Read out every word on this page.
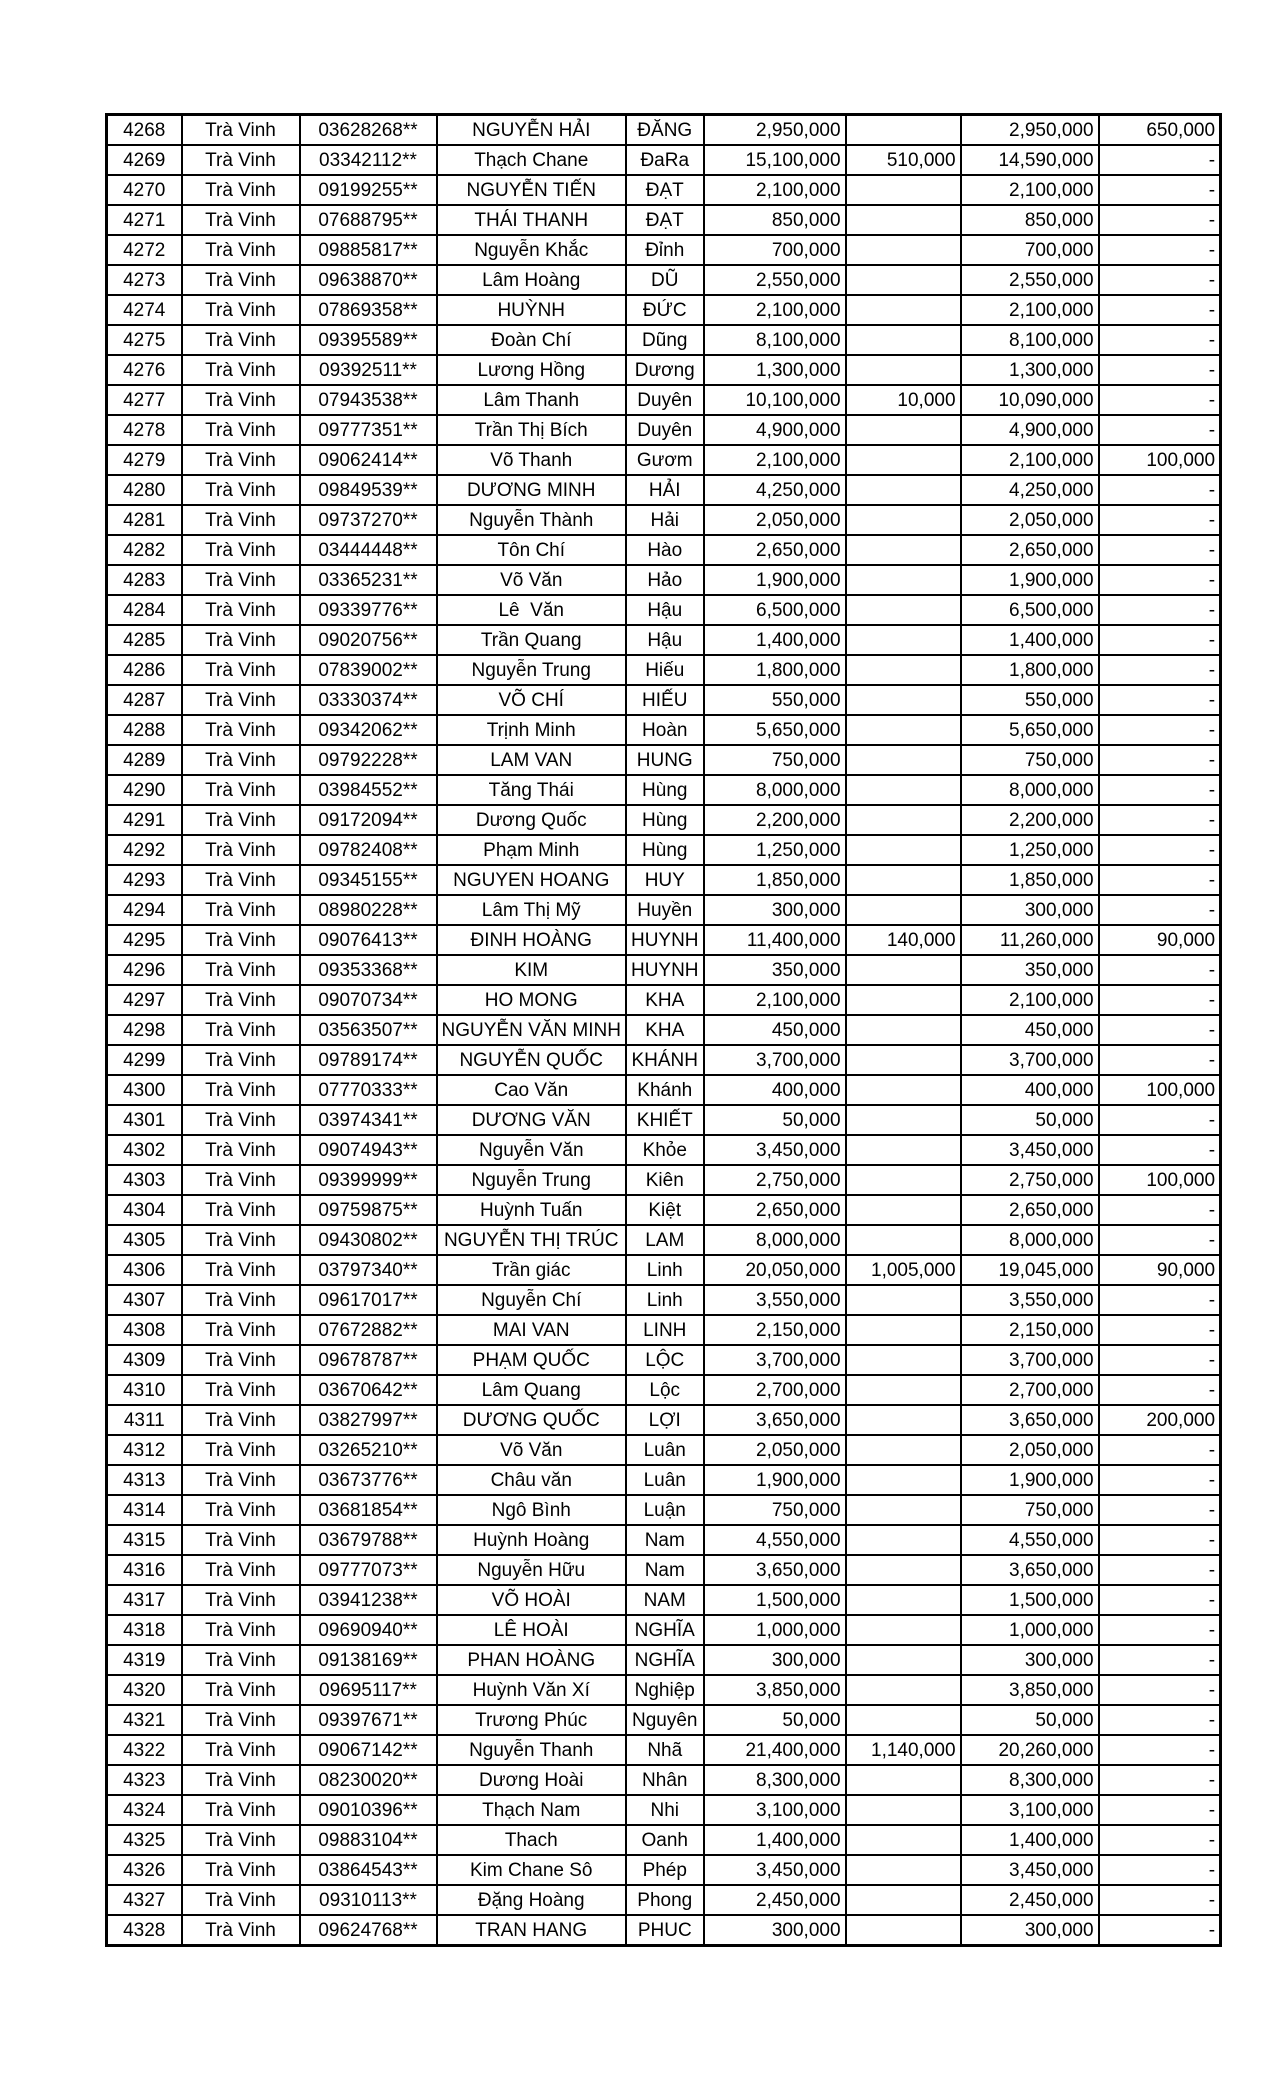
4268	Trà Vinh	03628268**	NGUYỄN HẢI	ĐĂNG	2,950,000		2,950,000	650,000
4269	Trà Vinh	03342112**	Thạch Chane	ĐaRa	15,100,000	510,000	14,590,000	-
4270	Trà Vinh	09199255**	NGUYỄN TIẾN	ĐẠT	2,100,000		2,100,000	-
4271	Trà Vinh	07688795**	THÁI THANH	ĐẠT	850,000		850,000	-
4272	Trà Vinh	09885817**	Nguyễn Khắc	Đỉnh	700,000		700,000	-
4273	Trà Vinh	09638870**	Lâm Hoàng	DŨ	2,550,000		2,550,000	-
4274	Trà Vinh	07869358**	HUỲNH	ĐỨC	2,100,000		2,100,000	-
4275	Trà Vinh	09395589**	Đoàn Chí	Dũng	8,100,000		8,100,000	-
4276	Trà Vinh	09392511**	Lương Hồng	Dương	1,300,000		1,300,000	-
4277	Trà Vinh	07943538**	Lâm Thanh	Duyên	10,100,000	10,000	10,090,000	-
4278	Trà Vinh	09777351**	Trần Thị Bích	Duyên	4,900,000		4,900,000	-
4279	Trà Vinh	09062414**	Võ Thanh	Gươm	2,100,000		2,100,000	100,000
4280	Trà Vinh	09849539**	DƯƠNG MINH	HẢI	4,250,000		4,250,000	-
4281	Trà Vinh	09737270**	Nguyễn Thành	Hải	2,050,000		2,050,000	-
4282	Trà Vinh	03444448**	Tôn Chí	Hào	2,650,000		2,650,000	-
4283	Trà Vinh	03365231**	Võ Văn	Hảo	1,900,000		1,900,000	-
4284	Trà Vinh	09339776**	Lê  Văn	Hậu	6,500,000		6,500,000	-
4285	Trà Vinh	09020756**	Trần Quang	Hậu	1,400,000		1,400,000	-
4286	Trà Vinh	07839002**	Nguyễn Trung	Hiếu	1,800,000		1,800,000	-
4287	Trà Vinh	03330374**	VÕ CHÍ	HIẾU	550,000		550,000	-
4288	Trà Vinh	09342062**	Trịnh Minh	Hoàn	5,650,000		5,650,000	-
4289	Trà Vinh	09792228**	LAM VAN	HUNG	750,000		750,000	-
4290	Trà Vinh	03984552**	Tăng Thái	Hùng	8,000,000		8,000,000	-
4291	Trà Vinh	09172094**	Dương Quốc	Hùng	2,200,000		2,200,000	-
4292	Trà Vinh	09782408**	Phạm Minh	Hùng	1,250,000		1,250,000	-
4293	Trà Vinh	09345155**	NGUYEN HOANG	HUY	1,850,000		1,850,000	-
4294	Trà Vinh	08980228**	Lâm Thị Mỹ	Huyền	300,000		300,000	-
4295	Trà Vinh	09076413**	ĐINH HOÀNG	HUYNH	11,400,000	140,000	11,260,000	90,000
4296	Trà Vinh	09353368**	KIM	HUYNH	350,000		350,000	-
4297	Trà Vinh	09070734**	HO MONG	KHA	2,100,000		2,100,000	-
4298	Trà Vinh	03563507**	NGUYỄN VĂN MINH	KHA	450,000		450,000	-
4299	Trà Vinh	09789174**	NGUYỄN QUỐC	KHÁNH	3,700,000		3,700,000	-
4300	Trà Vinh	07770333**	Cao Văn	Khánh	400,000		400,000	100,000
4301	Trà Vinh	03974341**	DƯƠNG VĂN	KHIẾT	50,000		50,000	-
4302	Trà Vinh	09074943**	Nguyễn Văn	Khỏe	3,450,000		3,450,000	-
4303	Trà Vinh	09399999**	Nguyễn Trung	Kiên	2,750,000		2,750,000	100,000
4304	Trà Vinh	09759875**	Huỳnh Tuấn	Kiệt	2,650,000		2,650,000	-
4305	Trà Vinh	09430802**	NGUYỄN THỊ TRÚC	LAM	8,000,000		8,000,000	-
4306	Trà Vinh	03797340**	Trần giác	Linh	20,050,000	1,005,000	19,045,000	90,000
4307	Trà Vinh	09617017**	Nguyễn Chí	Linh	3,550,000		3,550,000	-
4308	Trà Vinh	07672882**	MAI VAN	LINH	2,150,000		2,150,000	-
4309	Trà Vinh	09678787**	PHẠM QUỐC	LỘC	3,700,000		3,700,000	-
4310	Trà Vinh	03670642**	Lâm Quang	Lộc	2,700,000		2,700,000	-
4311	Trà Vinh	03827997**	DƯƠNG QUỐC	LỢI	3,650,000		3,650,000	200,000
4312	Trà Vinh	03265210**	Võ Văn	Luân	2,050,000		2,050,000	-
4313	Trà Vinh	03673776**	Châu văn	Luân	1,900,000		1,900,000	-
4314	Trà Vinh	03681854**	Ngô Bình	Luận	750,000		750,000	-
4315	Trà Vinh	03679788**	Huỳnh Hoàng	Nam	4,550,000		4,550,000	-
4316	Trà Vinh	09777073**	Nguyễn Hữu	Nam	3,650,000		3,650,000	-
4317	Trà Vinh	03941238**	VÕ HOÀI	NAM	1,500,000		1,500,000	-
4318	Trà Vinh	09690940**	LÊ HOÀI	NGHĨA	1,000,000		1,000,000	-
4319	Trà Vinh	09138169**	PHAN HOÀNG	NGHĨA	300,000		300,000	-
4320	Trà Vinh	09695117**	Huỳnh Văn Xí	Nghiệp	3,850,000		3,850,000	-
4321	Trà Vinh	09397671**	Trương Phúc	Nguyên	50,000		50,000	-
4322	Trà Vinh	09067142**	Nguyễn Thanh	Nhã	21,400,000	1,140,000	20,260,000	-
4323	Trà Vinh	08230020**	Dương Hoài	Nhân	8,300,000		8,300,000	-
4324	Trà Vinh	09010396**	Thạch Nam	Nhi	3,100,000		3,100,000	-
4325	Trà Vinh	09883104**	Thach	Oanh	1,400,000		1,400,000	-
4326	Trà Vinh	03864543**	Kim Chane Sô	Phép	3,450,000		3,450,000	-
4327	Trà Vinh	09310113**	Đặng Hoàng	Phong	2,450,000		2,450,000	-
4328	Trà Vinh	09624768**	TRAN HANG	PHUC	300,000		300,000	-
